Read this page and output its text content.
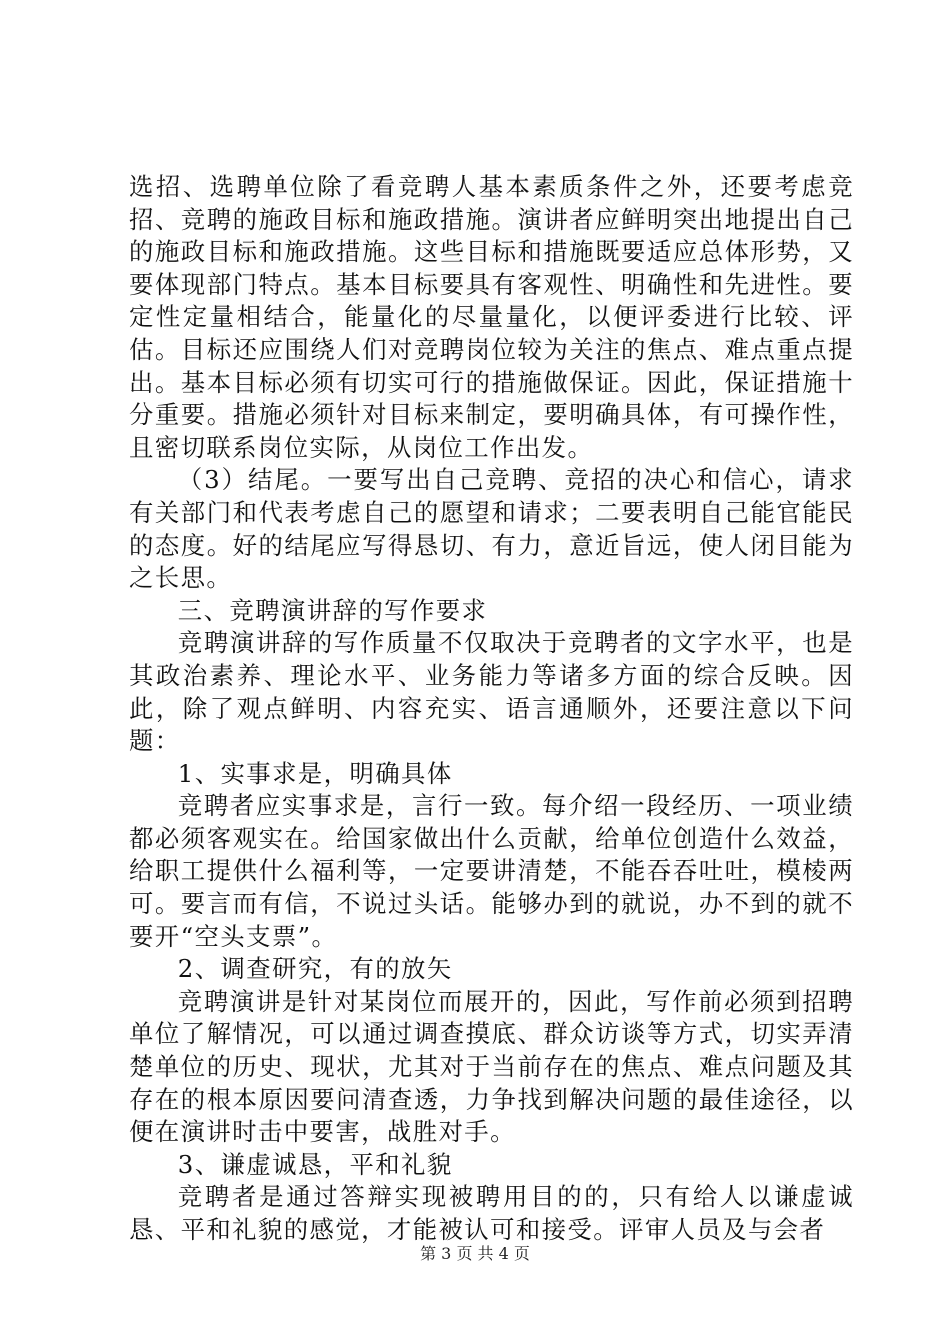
选招、选聘单位除了看竞聘人基本素质条件之外，还要考虑竞招、竞聘的施政目标和施政措施。演讲者应鲜明突出地提出自己的施政目标和施政措施。这些目标和措施既要适应总体形势，又要体现部门特点。基本目标要具有客观性、明确性和先进性。要定性定量相结合，能量化的尽量量化，以便评委进行比较、评估。目标还应围绕人们对竞聘岗位较为关注的焦点、难点重点提出。基本目标必须有切实可行的措施做保证。因此，保证措施十分重要。措施必须针对目标来制定，要明确具体，有可操作性，且密切联系岗位实际，从岗位工作出发。

（3）结尾。一要写出自己竞聘、竞招的决心和信心，请求有关部门和代表考虑自己的愿望和请求；二要表明自己能官能民的态度。好的结尾应写得恳切、有力，意近旨远，使人闭目能为之长思。

三、竞聘演讲辞的写作要求

竞聘演讲辞的写作质量不仅取决于竞聘者的文字水平，也是其政治素养、理论水平、业务能力等诸多方面的综合反映。因此，除了观点鲜明、内容充实、语言通顺外，还要注意以下问题：

1、实事求是，明确具体

竞聘者应实事求是，言行一致。每介绍一段经历、一项业绩都必须客观实在。给国家做出什么贡献，给单位创造什么效益，给职工提供什么福利等，一定要讲清楚，不能吞吞吐吐，模棱两可。要言而有信，不说过头话。能够办到的就说，办不到的就不要开“空头支票”。

2、调查研究，有的放矢

竞聘演讲是针对某岗位而展开的，因此，写作前必须到招聘单位了解情况，可以通过调查摸底、群众访谈等方式，切实弄清楚单位的历史、现状，尤其对于当前存在的焦点、难点问题及其存在的根本原因要问清查透，力争找到解决问题的最佳途径，以便在演讲时击中要害，战胜对手。

3、谦虚诚恳，平和礼貌

竞聘者是通过答辩实现被聘用目的的，只有给人以谦虚诚恳、平和礼貌的感觉，才能被认可和接受。评审人员及与会者

第 3 页 共 4 页
